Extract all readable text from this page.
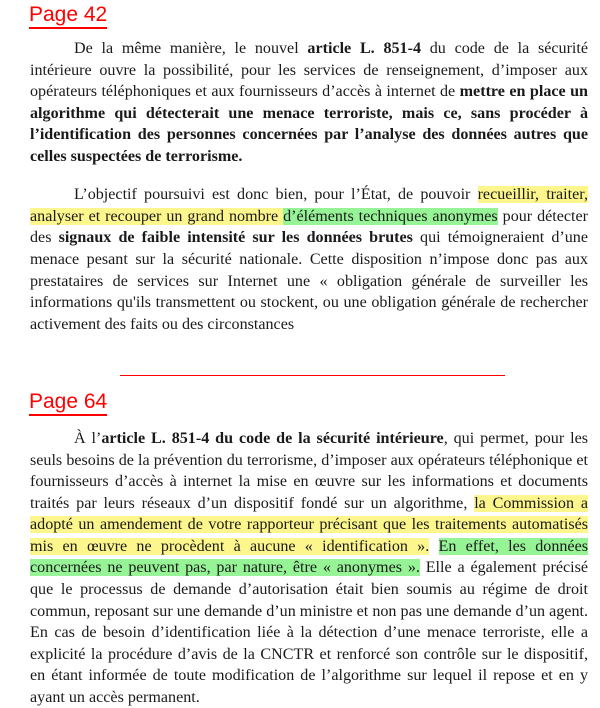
Page 42

De la même manière, le nouvel article L. 851-4 du code de la sécurité intérieure ouvre la possibilité, pour les services de renseignement, d’imposer aux opérateurs téléphoniques et aux fournisseurs d’accès à internet de mettre en place un algorithme qui détecterait une menace terroriste, mais ce, sans procéder à l’identification des personnes concernées par l’analyse des données autres que celles suspectées de terrorisme.

L’objectif poursuivi est donc bien, pour l’État, de pouvoir recueillir, traiter, analyser et recouper un grand nombre d’éléments techniques anonymes pour détecter des signaux de faible intensité sur les données brutes qui témoigneraient d’une menace pesant sur la sécurité nationale. Cette disposition n’impose donc pas aux prestataires de services sur Internet une « obligation générale de surveiller les informations qu'ils transmettent ou stockent, ou une obligation générale de rechercher activement des faits ou des circonstances

Page 64

À l’article L. 851-4 du code de la sécurité intérieure, qui permet, pour les seuls besoins de la prévention du terrorisme, d’imposer aux opérateurs téléphonique et fournisseurs d’accès à internet la mise en œuvre sur les informations et documents traités par leurs réseaux d’un dispositif fondé sur un algorithme, la Commission a adopté un amendement de votre rapporteur précisant que les traitements automatisés mis en œuvre ne procèdent à aucune « identification ». En effet, les données concernées ne peuvent pas, par nature, être « anonymes ». Elle a également précisé que le processus de demande d’autorisation était bien soumis au régime de droit commun, reposant sur une demande d’un ministre et non pas une demande d’un agent. En cas de besoin d’identification liée à la détection d’une menace terroriste, elle a explicité la procédure d’avis de la CNCTR et renforcé son contrôle sur le dispositif, en étant informée de toute modification de l’algorithme sur lequel il repose et en y ayant un accès permanent.
